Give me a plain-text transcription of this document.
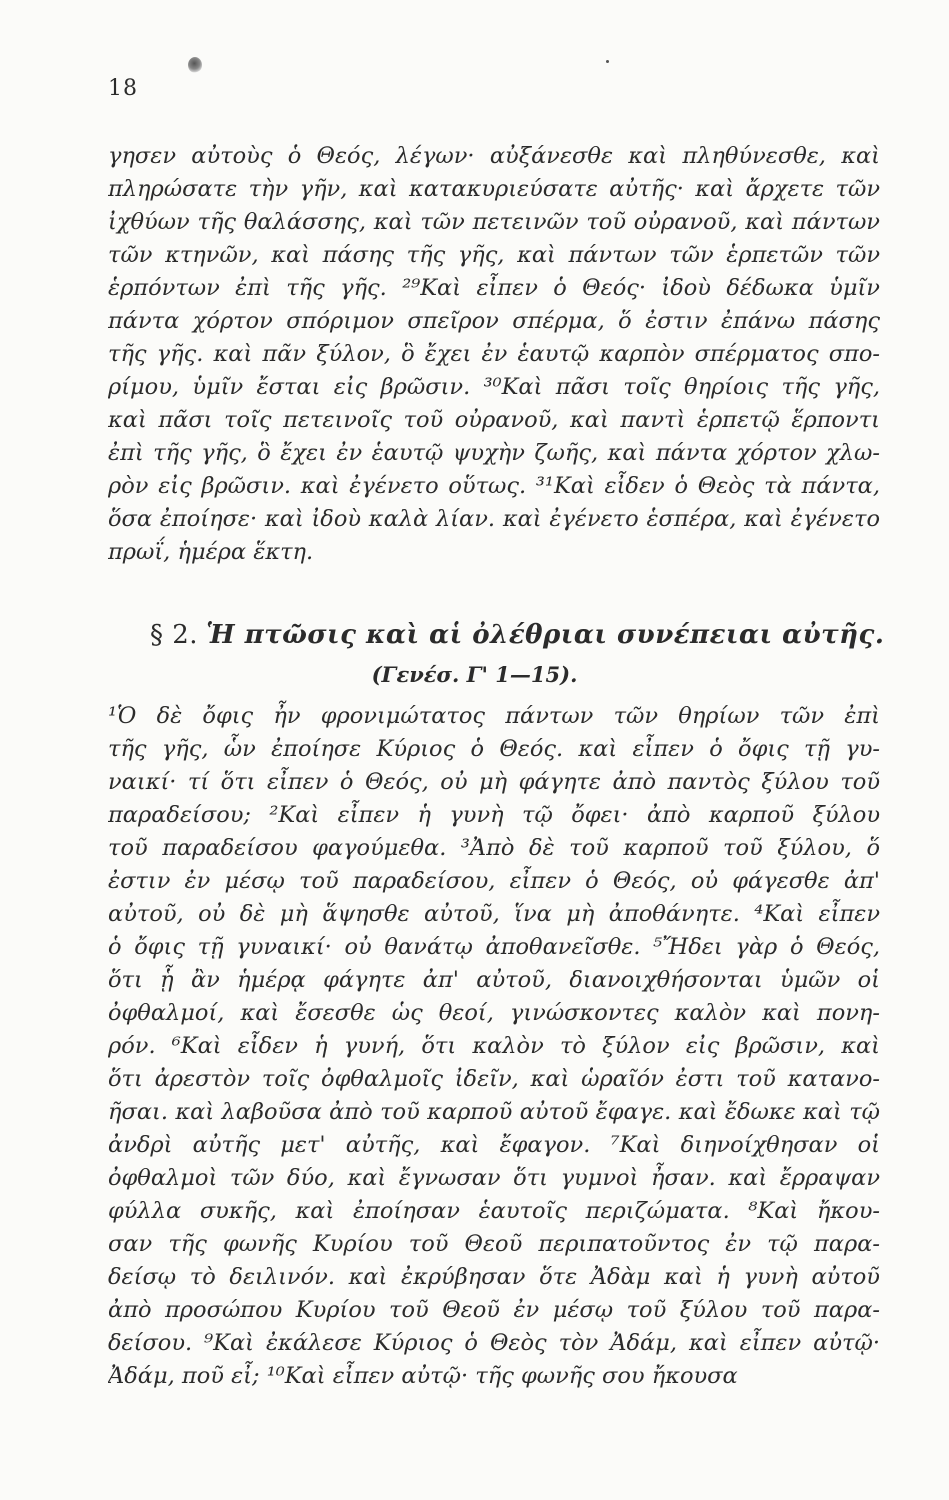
18
γησεν αὐτοὺς ὁ Θεός, λέγων· αὐξάνεσθε καὶ πληθύνεσθε, καὶ
πληρώσατε τὴν γῆν, καὶ κατακυριεύσατε αὐτῆς· καὶ ἄρχετε τῶν
ἰχθύων τῆς θαλάσσης, καὶ τῶν πετεινῶν τοῦ οὐρανοῦ, καὶ πάντων
τῶν κτηνῶν, καὶ πάσης τῆς γῆς, καὶ πάντων τῶν ἑρπετῶν τῶν
ἑρπόντων ἐπὶ τῆς γῆς. ²⁹Καὶ εἶπεν ὁ Θεός· ἰδοὺ δέδωκα ὑμῖν
πάντα χόρτον σπόριμον σπεῖρον σπέρμα, ὅ ἐστιν ἐπάνω πάσης
τῆς γῆς. καὶ πᾶν ξύλον, ὃ ἔχει ἐν ἑαυτῷ καρπὸν σπέρματος σπο-
ρίμου, ὑμῖν ἔσται εἰς βρῶσιν. ³⁰Καὶ πᾶσι τοῖς θηρίοις τῆς γῆς,
καὶ πᾶσι τοῖς πετεινοῖς τοῦ οὐρανοῦ, καὶ παντὶ ἑρπετῷ ἕρποντι
ἐπὶ τῆς γῆς, ὃ ἔχει ἐν ἑαυτῷ ψυχὴν ζωῆς, καὶ πάντα χόρτον χλω-
ρὸν εἰς βρῶσιν. καὶ ἐγένετο οὕτως. ³¹Καὶ εἶδεν ὁ Θεὸς τὰ πάντα,
ὅσα ἐποίησε· καὶ ἰδοὺ καλὰ λίαν. καὶ ἐγένετο ἑσπέρα, καὶ ἐγένετο
πρωΐ, ἡμέρα ἕκτη.
§ 2. Ἡ πτῶσις καὶ αἱ ὀλέθριαι συνέπειαι αὐτῆς.
(Γενέσ. Γ' 1—15).
¹Ὁ δὲ ὄφις ἦν φρονιμώτατος πάντων τῶν θηρίων τῶν ἐπὶ
τῆς γῆς, ὧν ἐποίησε Κύριος ὁ Θεός. καὶ εἶπεν ὁ ὄφις τῇ γυ-
ναικί· τί ὅτι εἶπεν ὁ Θεός, οὐ μὴ φάγητε ἀπὸ παντὸς ξύλου τοῦ
παραδείσου; ²Καὶ εἶπεν ἡ γυνὴ τῷ ὄφει· ἀπὸ καρποῦ ξύλου
τοῦ παραδείσου φαγούμεθα. ³Ἀπὸ δὲ τοῦ καρποῦ τοῦ ξύλου, ὅ
ἐστιν ἐν μέσῳ τοῦ παραδείσου, εἶπεν ὁ Θεός, οὐ φάγεσθε ἀπ'
αὐτοῦ, οὐ δὲ μὴ ἅψησθε αὐτοῦ, ἵνα μὴ ἀποθάνητε. ⁴Καὶ εἶπεν
ὁ ὄφις τῇ γυναικί· οὐ θανάτῳ ἀποθανεῖσθε. ⁵Ἤδει γὰρ ὁ Θεός,
ὅτι ᾗ ἂν ἡμέρᾳ φάγητε ἀπ' αὐτοῦ, διανοιχθήσονται ὑμῶν οἱ
ὀφθαλμοί, καὶ ἔσεσθε ὡς θεοί, γινώσκοντες καλὸν καὶ πονη-
ρόν. ⁶Καὶ εἶδεν ἡ γυνή, ὅτι καλὸν τὸ ξύλον εἰς βρῶσιν, καὶ
ὅτι ἀρεστὸν τοῖς ὀφθαλμοῖς ἰδεῖν, καὶ ὡραῖόν ἐστι τοῦ κατανο-
ῆσαι. καὶ λαβοῦσα ἀπὸ τοῦ καρποῦ αὐτοῦ ἔφαγε. καὶ ἔδωκε καὶ τῷ
ἀνδρὶ αὐτῆς μετ' αὐτῆς, καὶ ἔφαγον. ⁷Καὶ διηνοίχθησαν οἱ
ὀφθαλμοὶ τῶν δύο, καὶ ἔγνωσαν ὅτι γυμνοὶ ἦσαν. καὶ ἔρραψαν
φύλλα συκῆς, καὶ ἐποίησαν ἑαυτοῖς περιζώματα. ⁸Καὶ ἤκου-
σαν τῆς φωνῆς Κυρίου τοῦ Θεοῦ περιπατοῦντος ἐν τῷ παρα-
δείσῳ τὸ δειλινόν. καὶ ἐκρύβησαν ὅτε Ἀδὰμ καὶ ἡ γυνὴ αὐτοῦ
ἀπὸ προσώπου Κυρίου τοῦ Θεοῦ ἐν μέσῳ τοῦ ξύλου τοῦ παρα-
δείσου. ⁹Καὶ ἐκάλεσε Κύριος ὁ Θεὸς τὸν Ἀδάμ, καὶ εἶπεν αὐτῷ·
Ἀδάμ, ποῦ εἶ; ¹⁰Καὶ εἶπεν αὐτῷ· τῆς φωνῆς σου ἤκουσα
